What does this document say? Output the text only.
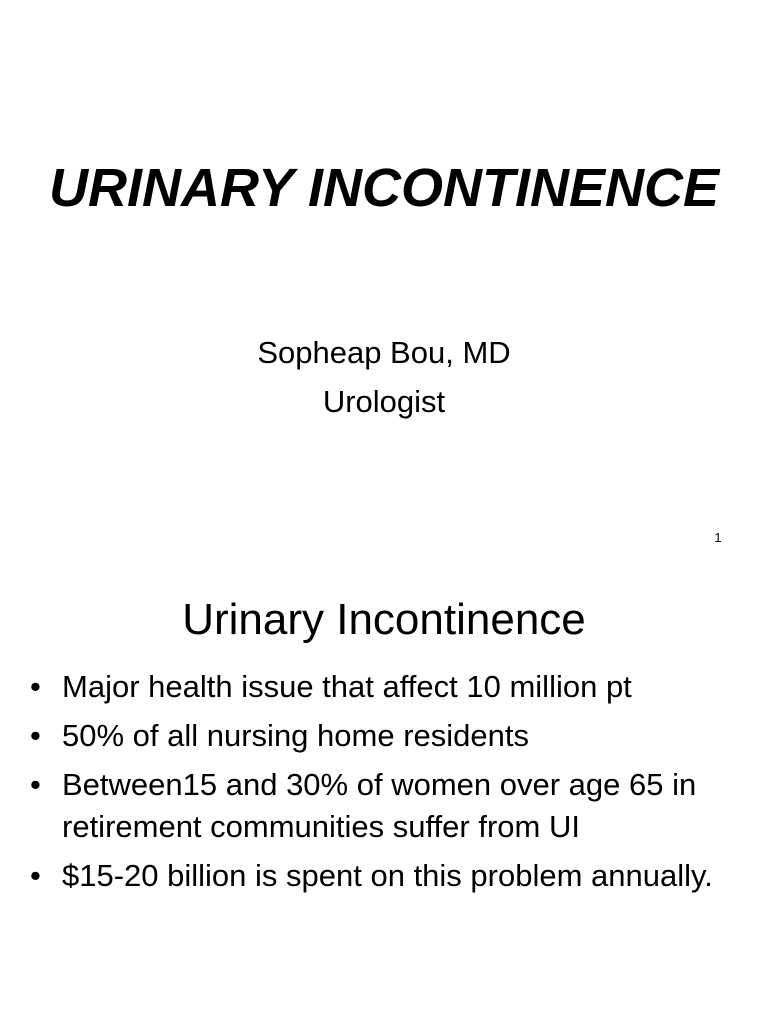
URINARY INCONTINENCE
Sopheap Bou, MD
Urologist
1
Urinary Incontinence
• Major health issue that affect 10 million pt
• 50% of all nursing home residents
• Between15 and 30% of women over age 65 in retirement communities suffer from UI
• $15-20 billion is spent on this problem annually.
